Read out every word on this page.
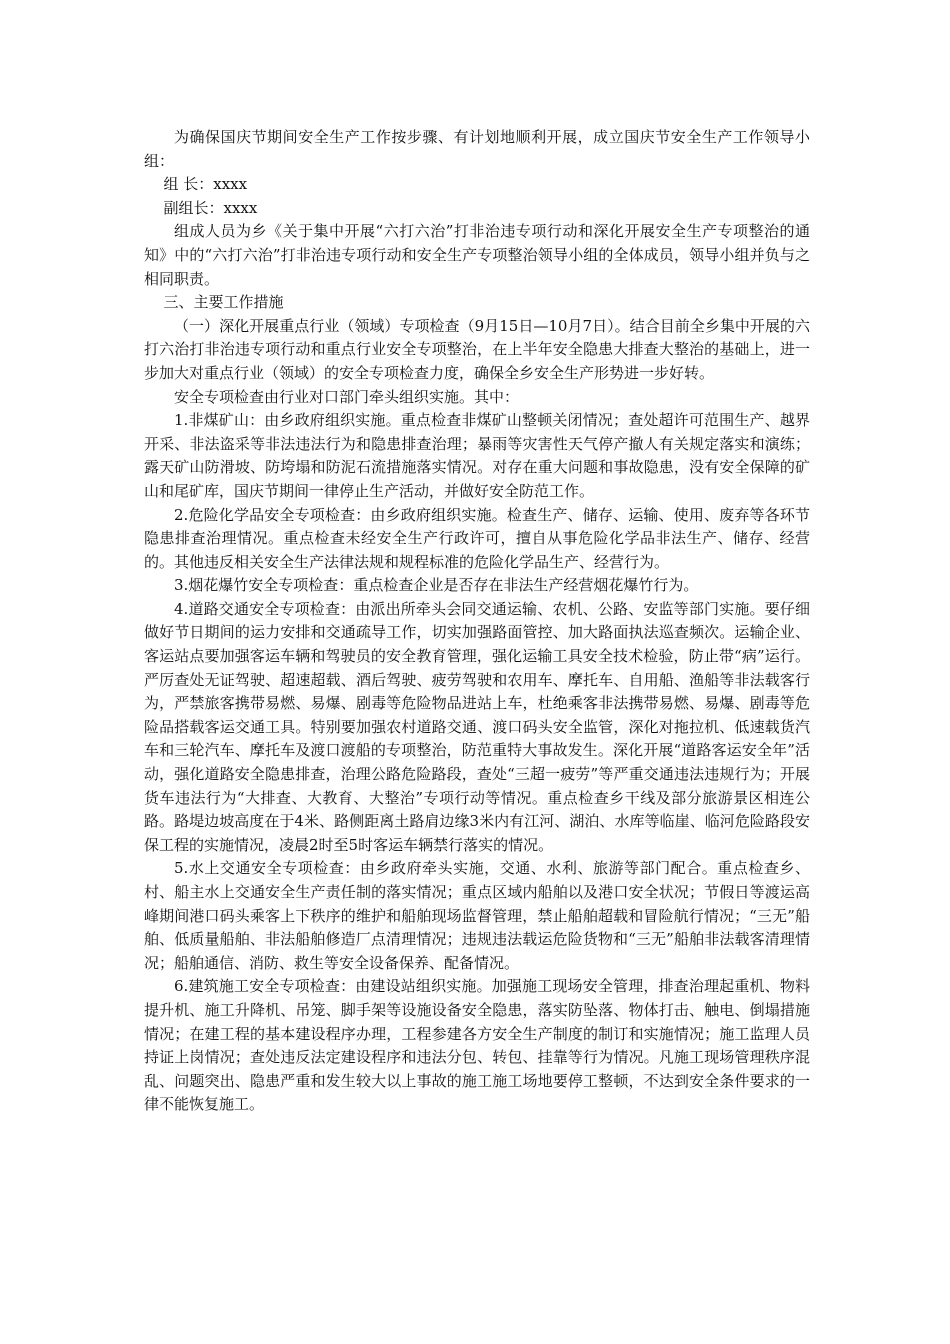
为确保国庆节期间安全生产工作按步骤、有计划地顺利开展，成立国庆节安全生产工作领导小组：

组 长：xxxx

副组长：xxxx

组成人员为乡《关于集中开展“六打六治”打非治违专项行动和深化开展安全生产专项整治的通知》中的“六打六治”打非治违专项行动和安全生产专项整治领导小组的全体成员，领导小组并负与之相同职责。

三、主要工作措施

（一）深化开展重点行业（领域）专项检查（9月15日—10月7日）。结合目前全乡集中开展的六打六治打非治违专项行动和重点行业安全专项整治，在上半年安全隐患大排查大整治的基础上，进一步加大对重点行业（领域）的安全专项检查力度，确保全乡安全生产形势进一步好转。

安全专项检查由行业对口部门牵头组织实施。其中：

1.非煤矿山：由乡政府组织实施。重点检查非煤矿山整顿关闭情况；查处超许可范围生产、越界开采、非法盗采等非法违法行为和隐患排查治理；暴雨等灾害性天气停产撤人有关规定落实和演练；露天矿山防滑坡、防垮塌和防泥石流措施落实情况。对存在重大问题和事故隐患，没有安全保障的矿山和尾矿库，国庆节期间一律停止生产活动，并做好安全防范工作。

2.危险化学品安全专项检查：由乡政府组织实施。检查生产、储存、运输、使用、废弃等各环节隐患排查治理情况。重点检查未经安全生产行政许可，擅自从事危险化学品非法生产、储存、经营的。其他违反相关安全生产法律法规和规程标准的危险化学品生产、经营行为。

3.烟花爆竹安全专项检查：重点检查企业是否存在非法生产经营烟花爆竹行为。

4.道路交通安全专项检查：由派出所牵头会同交通运输、农机、公路、安监等部门实施。要仔细做好节日期间的运力安排和交通疏导工作，切实加强路面管控、加大路面执法巡查频次。运输企业、客运站点要加强客运车辆和驾驶员的安全教育管理，强化运输工具安全技术检验，防止带“病”运行。严厉查处无证驾驶、超速超载、酒后驾驶、疲劳驾驶和农用车、摩托车、自用船、渔船等非法载客行为，严禁旅客携带易燃、易爆、剧毒等危险物品进站上车，杜绝乘客非法携带易燃、易爆、剧毒等危险品搭载客运交通工具。特别要加强农村道路交通、渡口码头安全监管，深化对拖拉机、低速载货汽车和三轮汽车、摩托车及渡口渡船的专项整治，防范重特大事故发生。深化开展“道路客运安全年”活动，强化道路安全隐患排查，治理公路危险路段，查处“三超一疲劳”等严重交通违法违规行为；开展货车违法行为“大排查、大教育、大整治”专项行动等情况。重点检查乡干线及部分旅游景区相连公路。路堤边坡高度在于4米、路侧距离土路肩边缘3米内有江河、湖泊、水库等临崖、临河危险路段安保工程的实施情况，凌晨2时至5时客运车辆禁行落实的情况。

5.水上交通安全专项检查：由乡政府牵头实施，交通、水利、旅游等部门配合。重点检查乡、村、船主水上交通安全生产责任制的落实情况；重点区域内船舶以及港口安全状况；节假日等渡运高峰期间港口码头乘客上下秩序的维护和船舶现场监督管理，禁止船舶超载和冒险航行情况；“三无”船舶、低质量船舶、非法船舶修造厂点清理情况；违规违法载运危险货物和“三无”船舶非法载客清理情况；船舶通信、消防、救生等安全设备保养、配备情况。

6.建筑施工安全专项检查：由建设站组织实施。加强施工现场安全管理，排查治理起重机、物料提升机、施工升降机、吊笼、脚手架等设施设备安全隐患，落实防坠落、物体打击、触电、倒塌措施情况；在建工程的基本建设程序办理，工程参建各方安全生产制度的制订和实施情况；施工监理人员持证上岗情况；查处违反法定建设程序和违法分包、转包、挂靠等行为情况。凡施工现场管理秩序混乱、问题突出、隐患严重和发生较大以上事故的施工施工场地要停工整顿，不达到安全条件要求的一律不能恢复施工。
